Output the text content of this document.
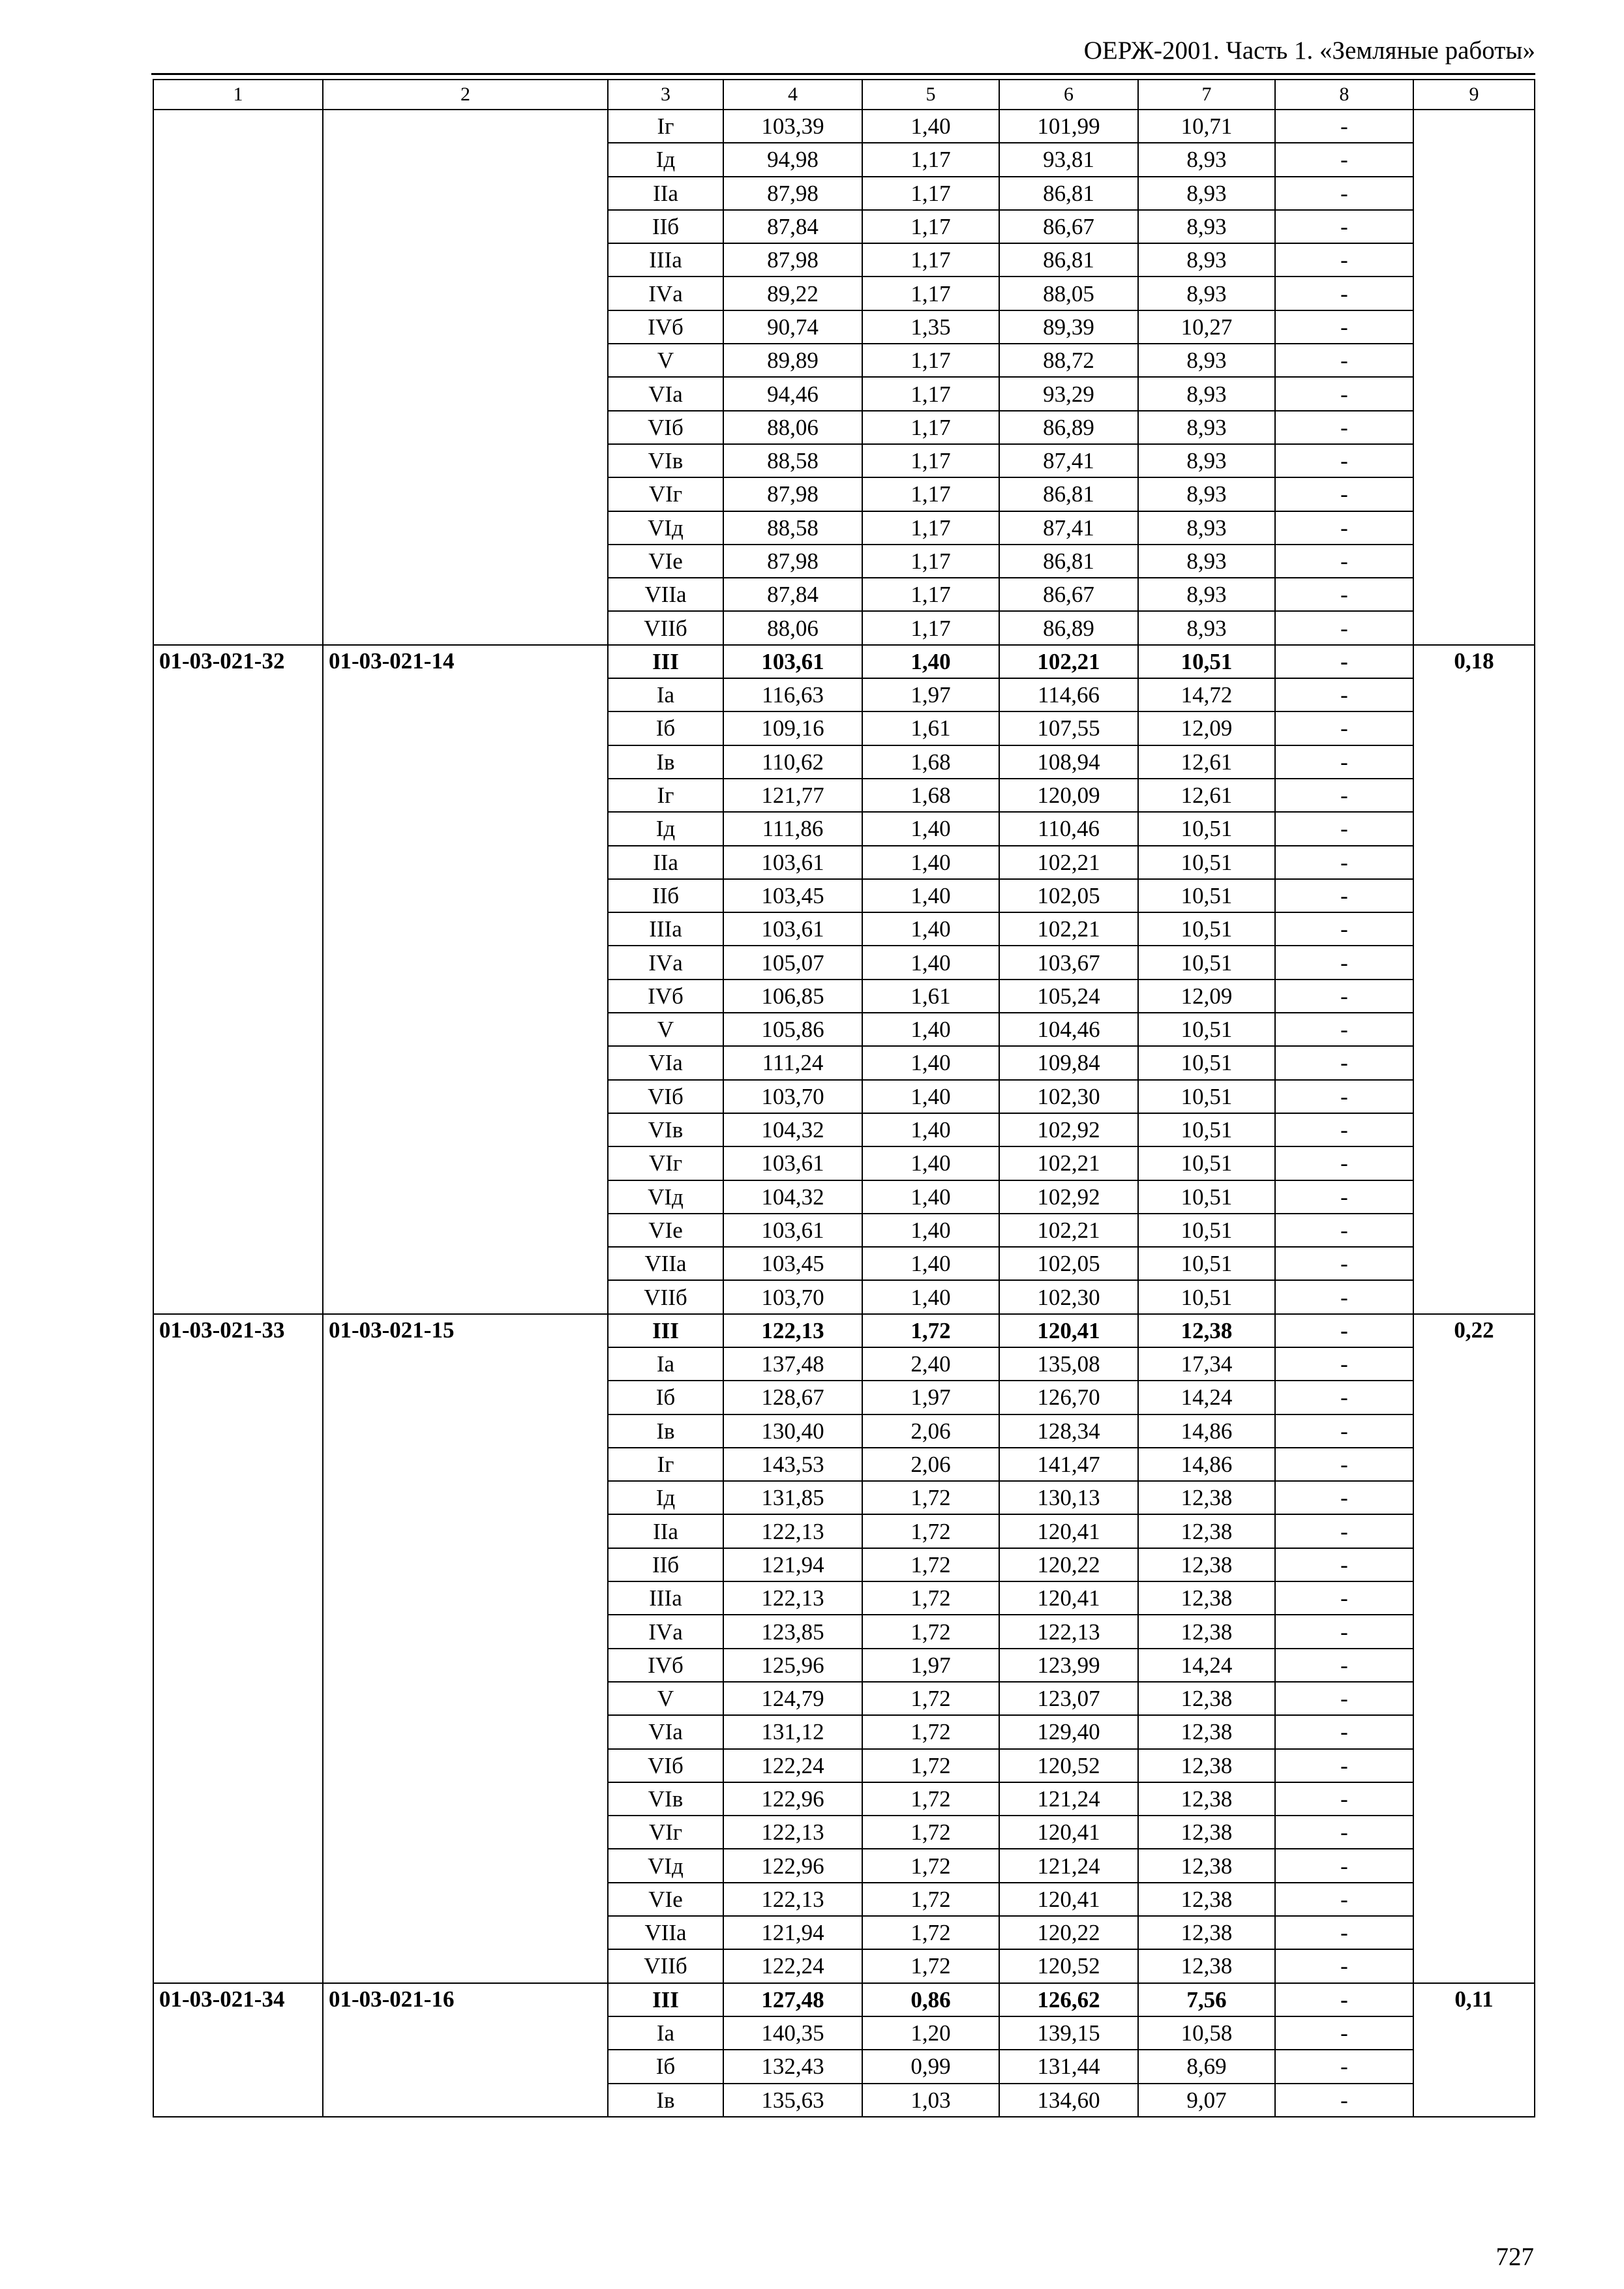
ОЕРЖ-2001. Часть 1. «Земляные работы»
1	2	3	4	5	6	7	8	9
		Iг	103,39	1,40	101,99	10,71	-	
		Iд	94,98	1,17	93,81	8,93	-	
		IIа	87,98	1,17	86,81	8,93	-	
		IIб	87,84	1,17	86,67	8,93	-	
		IIIа	87,98	1,17	86,81	8,93	-	
		IVа	89,22	1,17	88,05	8,93	-	
		IVб	90,74	1,35	89,39	10,27	-	
		V	89,89	1,17	88,72	8,93	-	
		VIа	94,46	1,17	93,29	8,93	-	
		VIб	88,06	1,17	86,89	8,93	-	
		VIв	88,58	1,17	87,41	8,93	-	
		VIг	87,98	1,17	86,81	8,93	-	
		VIд	88,58	1,17	87,41	8,93	-	
		VIе	87,98	1,17	86,81	8,93	-	
		VIIа	87,84	1,17	86,67	8,93	-	
		VIIб	88,06	1,17	86,89	8,93	-	
01-03-021-32	01-03-021-14	III	103,61	1,40	102,21	10,51	-	0,18
		Iа	116,63	1,97	114,66	14,72	-	
		Iб	109,16	1,61	107,55	12,09	-	
		Iв	110,62	1,68	108,94	12,61	-	
		Iг	121,77	1,68	120,09	12,61	-	
		Iд	111,86	1,40	110,46	10,51	-	
		IIа	103,61	1,40	102,21	10,51	-	
		IIб	103,45	1,40	102,05	10,51	-	
		IIIа	103,61	1,40	102,21	10,51	-	
		IVа	105,07	1,40	103,67	10,51	-	
		IVб	106,85	1,61	105,24	12,09	-	
		V	105,86	1,40	104,46	10,51	-	
		VIа	111,24	1,40	109,84	10,51	-	
		VIб	103,70	1,40	102,30	10,51	-	
		VIв	104,32	1,40	102,92	10,51	-	
		VIг	103,61	1,40	102,21	10,51	-	
		VIд	104,32	1,40	102,92	10,51	-	
		VIе	103,61	1,40	102,21	10,51	-	
		VIIа	103,45	1,40	102,05	10,51	-	
		VIIб	103,70	1,40	102,30	10,51	-	
01-03-021-33	01-03-021-15	III	122,13	1,72	120,41	12,38	-	0,22
		Iа	137,48	2,40	135,08	17,34	-	
		Iб	128,67	1,97	126,70	14,24	-	
		Iв	130,40	2,06	128,34	14,86	-	
		Iг	143,53	2,06	141,47	14,86	-	
		Iд	131,85	1,72	130,13	12,38	-	
		IIа	122,13	1,72	120,41	12,38	-	
		IIб	121,94	1,72	120,22	12,38	-	
		IIIа	122,13	1,72	120,41	12,38	-	
		IVа	123,85	1,72	122,13	12,38	-	
		IVб	125,96	1,97	123,99	14,24	-	
		V	124,79	1,72	123,07	12,38	-	
		VIа	131,12	1,72	129,40	12,38	-	
		VIб	122,24	1,72	120,52	12,38	-	
		VIв	122,96	1,72	121,24	12,38	-	
		VIг	122,13	1,72	120,41	12,38	-	
		VIд	122,96	1,72	121,24	12,38	-	
		VIе	122,13	1,72	120,41	12,38	-	
		VIIа	121,94	1,72	120,22	12,38	-	
		VIIб	122,24	1,72	120,52	12,38	-	
01-03-021-34	01-03-021-16	III	127,48	0,86	126,62	7,56	-	0,11
		Iа	140,35	1,20	139,15	10,58	-	
		Iб	132,43	0,99	131,44	8,69	-	
		Iв	135,63	1,03	134,60	9,07	-	
727
